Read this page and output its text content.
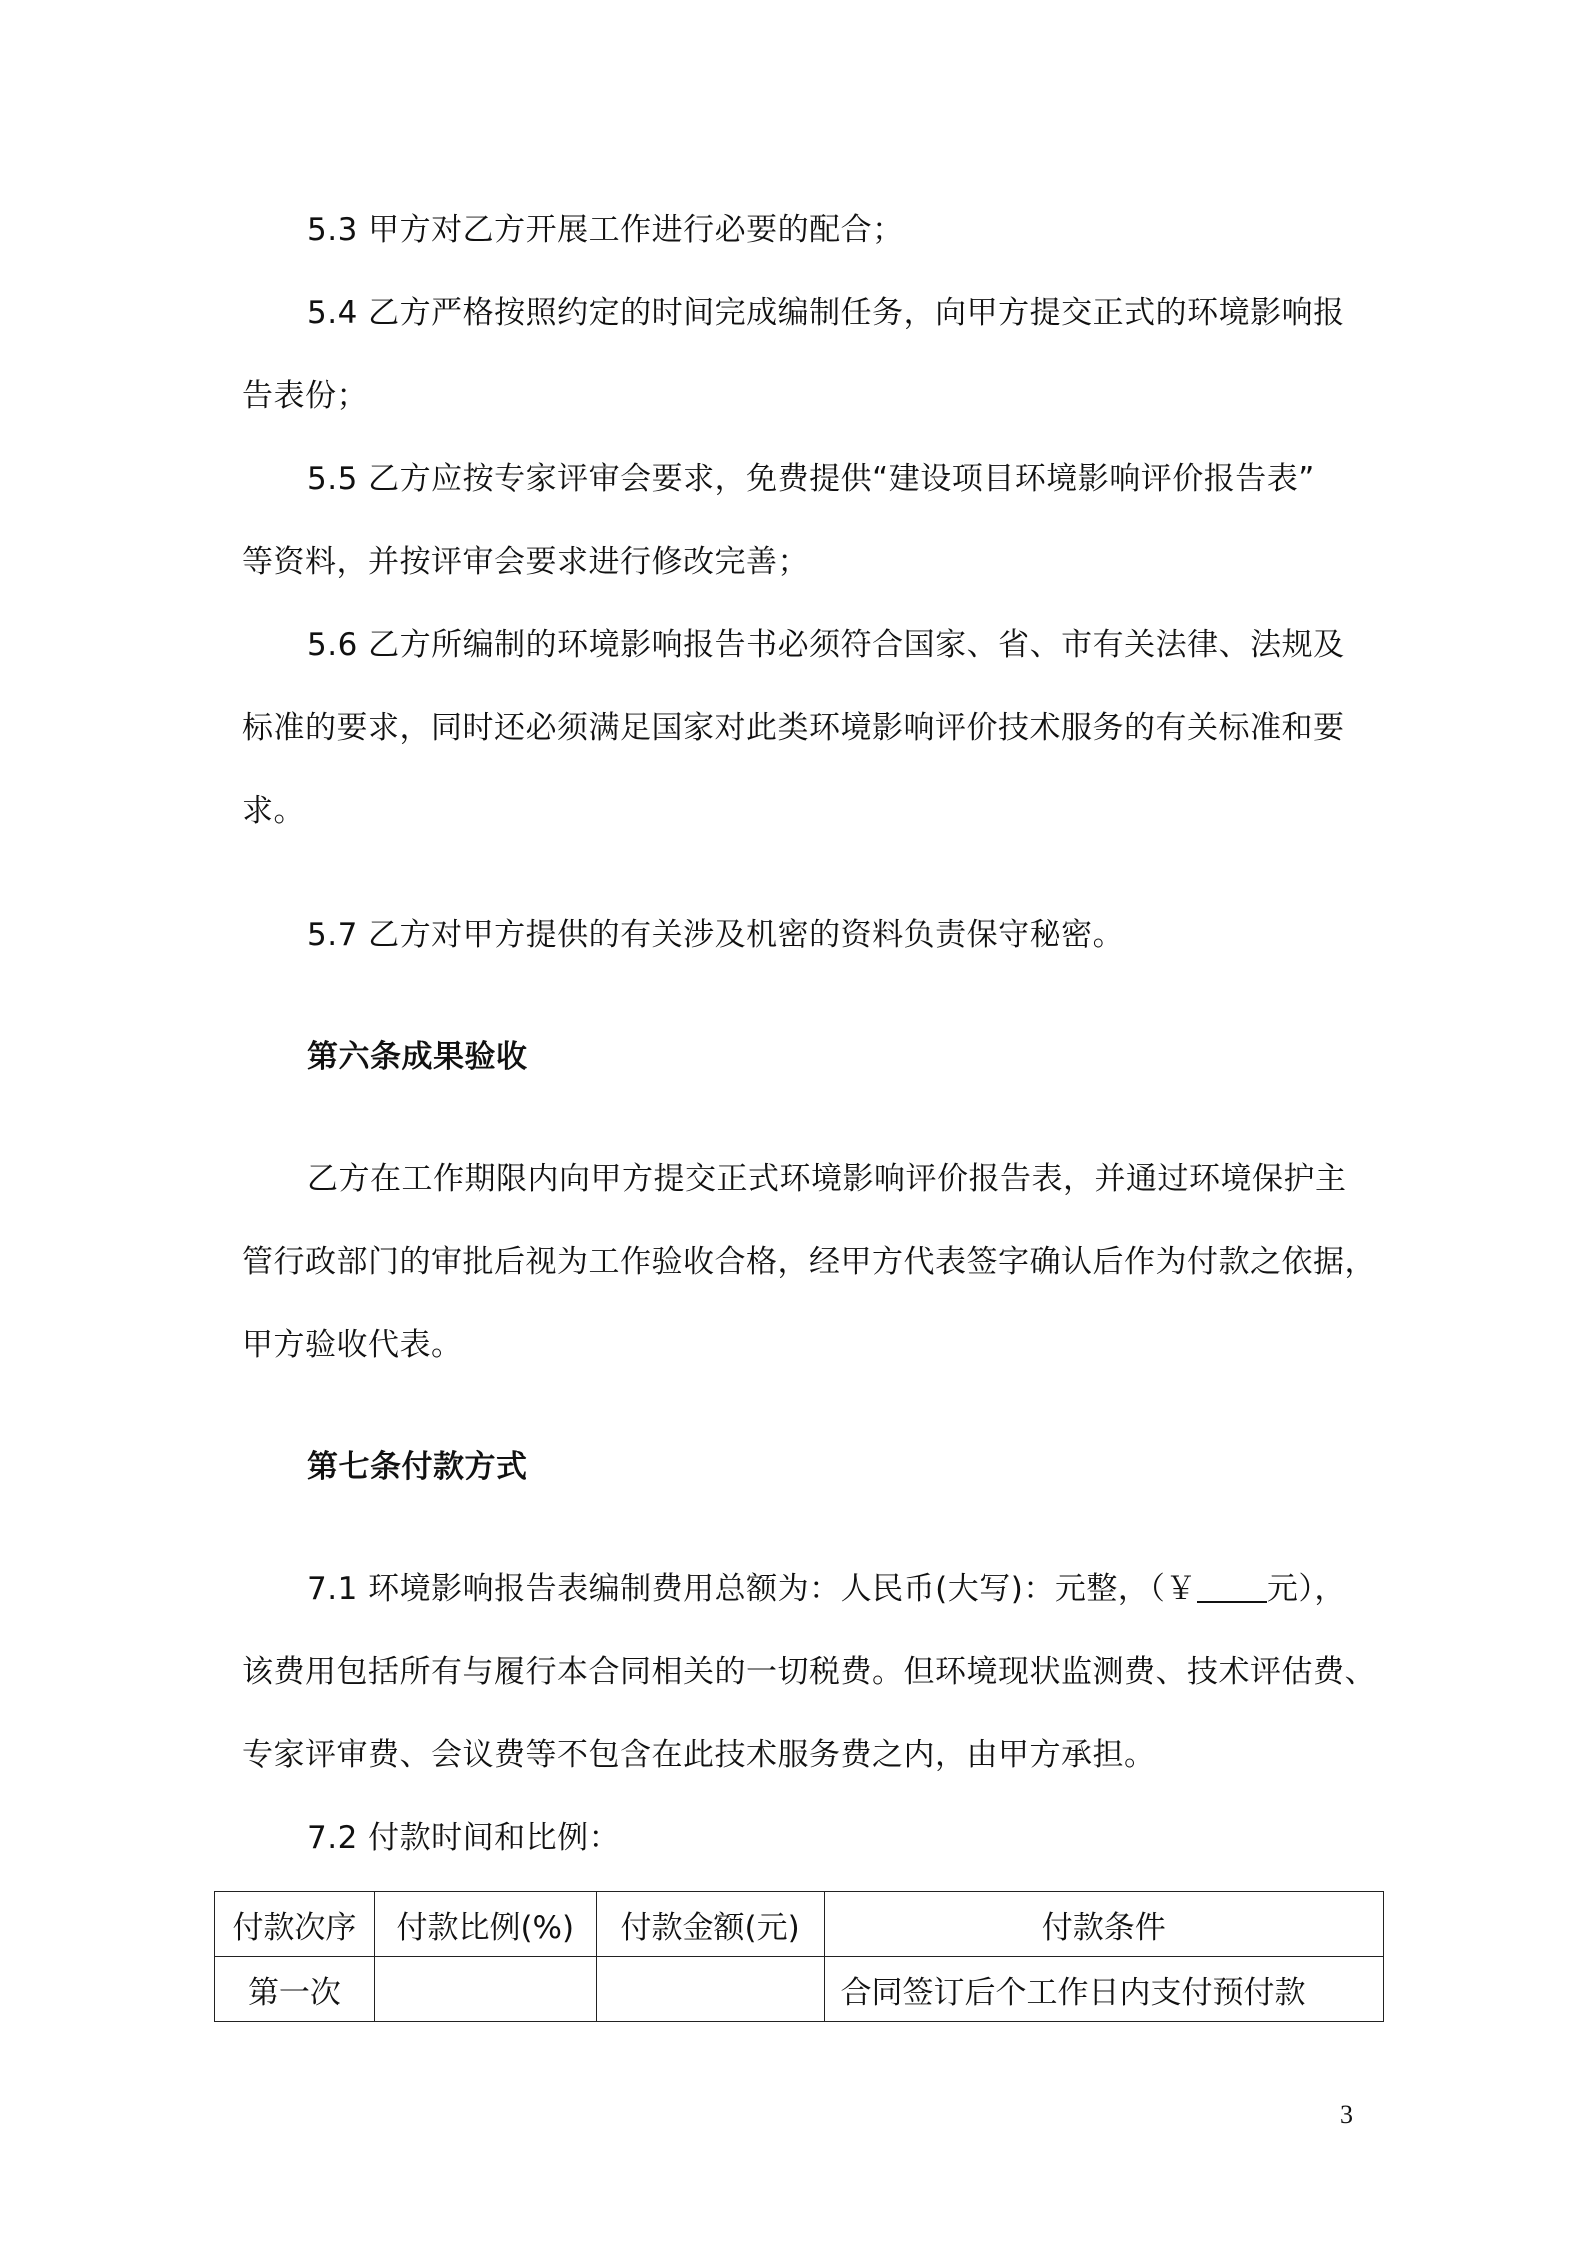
5.3 甲方对乙方开展工作进行必要的配合；
5.4 乙方严格按照约定的时间完成编制任务，向甲方提交正式的环境影响报
告表份；
5.5 乙方应按专家评审会要求，免费提供“建设项目环境影响评价报告表”
等资料，并按评审会要求进行修改完善；
5.6 乙方所编制的环境影响报告书必须符合国家、省、市有关法律、法规及
标准的要求，同时还必须满足国家对此类环境影响评价技术服务的有关标准和要
求。
5.7 乙方对甲方提供的有关涉及机密的资料负责保守秘密。
第六条成果验收
乙方在工作期限内向甲方提交正式环境影响评价报告表，并通过环境保护主
管行政部门的审批后视为工作验收合格，经甲方代表签字确认后作为付款之依据，
甲方验收代表。
第七条付款方式
7.1 环境影响报告表编制费用总额为：人民币(大写)：元整，（￥ 元），
该费用包括所有与履行本合同相关的一切税费。但环境现状监测费、技术评估费、
专家评审费、会议费等不包含在此技术服务费之内，由甲方承担。
7.2 付款时间和比例：
付款次序	付款比例(%)	付款金额(元)	付款条件
第一次			合同签订后个工作日内支付预付款
3
